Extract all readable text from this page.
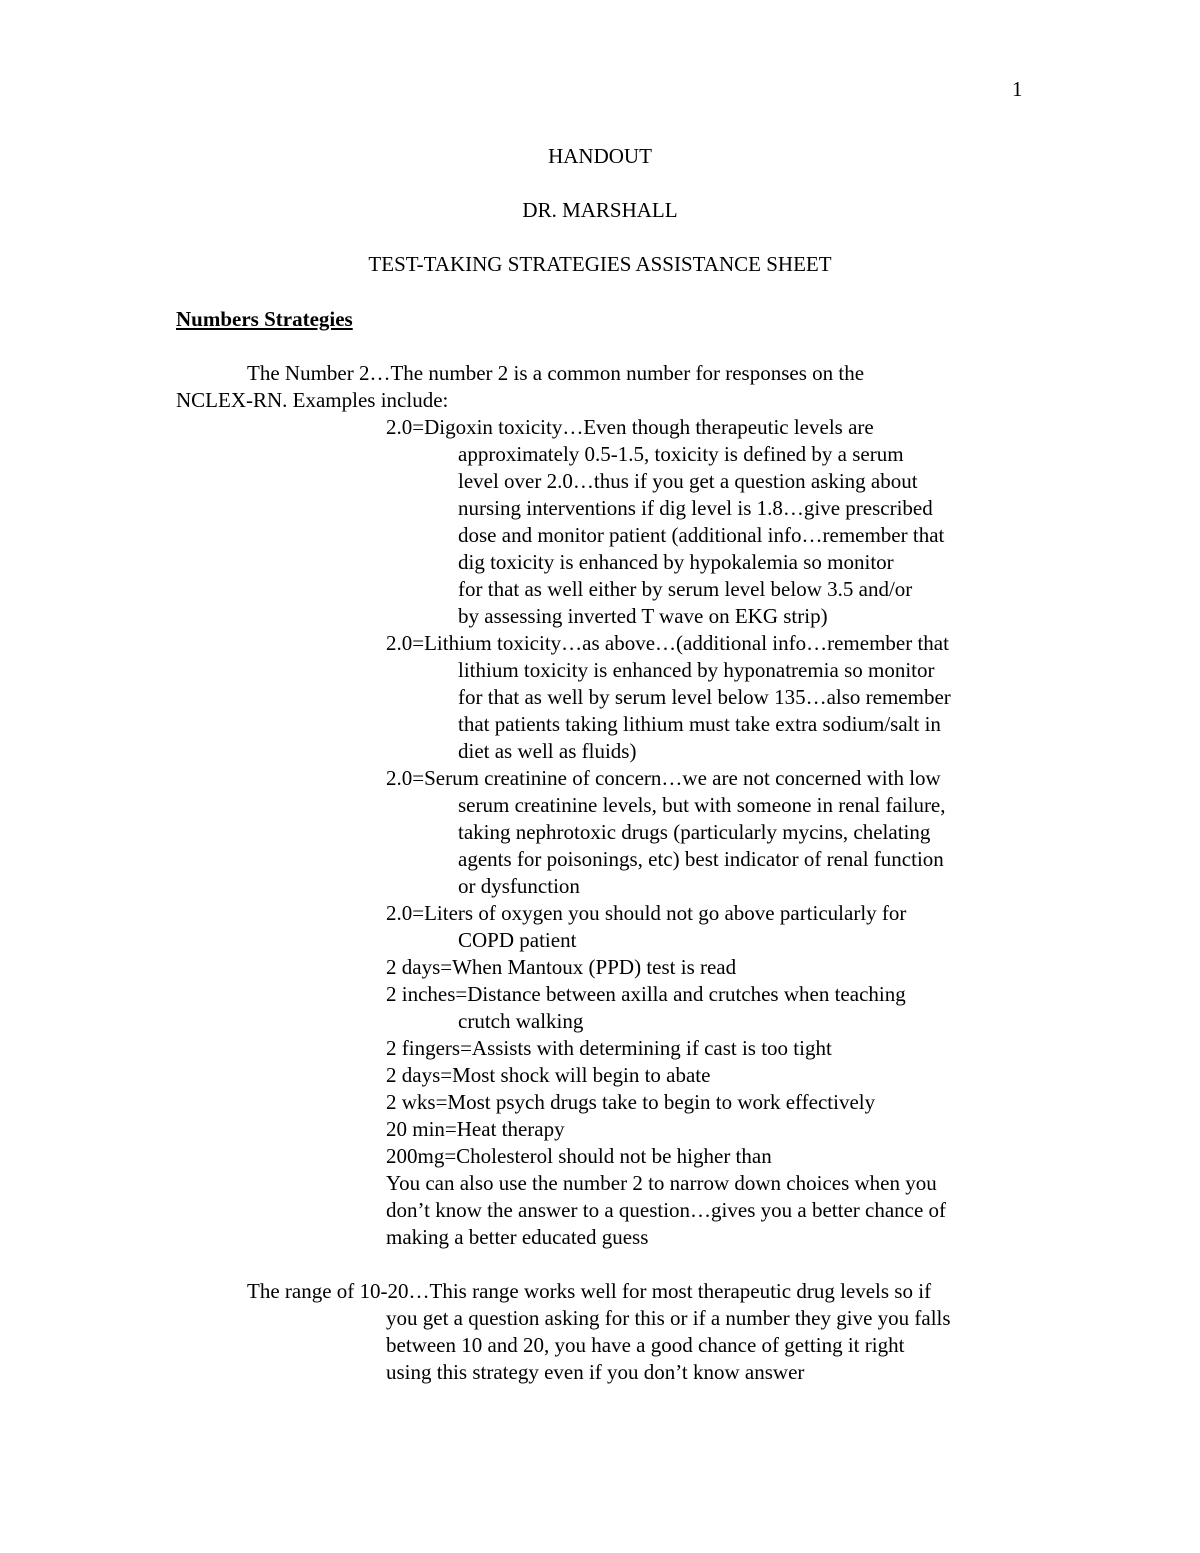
1
HANDOUT
DR. MARSHALL
TEST-TAKING STRATEGIES ASSISTANCE SHEET
Numbers Strategies
The Number 2…The number 2 is a common number for responses on the
NCLEX-RN. Examples include:
2.0=Digoxin toxicity…Even though therapeutic levels are
approximately 0.5-1.5, toxicity is defined by a serum
level over 2.0…thus if you get a question asking about
nursing interventions if dig level is 1.8…give prescribed
dose and monitor patient (additional info…remember that
dig toxicity is enhanced by hypokalemia so monitor
for that as well either by serum level below 3.5 and/or
by assessing inverted T wave on EKG strip)
2.0=Lithium toxicity…as above…(additional info…remember that
lithium toxicity is enhanced by hyponatremia so monitor
for that as well by serum level below 135…also remember
that patients taking lithium must take extra sodium/salt in
diet as well as fluids)
2.0=Serum creatinine of concern…we are not concerned with low
serum creatinine levels, but with someone in renal failure,
taking nephrotoxic drugs (particularly mycins, chelating
agents for poisonings, etc) best indicator of renal function
or dysfunction
2.0=Liters of oxygen you should not go above particularly for
COPD patient
2 days=When Mantoux (PPD) test is read
2 inches=Distance between axilla and crutches when teaching
crutch walking
2 fingers=Assists with determining if cast is too tight
2 days=Most shock will begin to abate
2 wks=Most psych drugs take to begin to work effectively
20 min=Heat therapy
200mg=Cholesterol should not be higher than
You can also use the number 2 to narrow down choices when you
don’t know the answer to a question…gives you a better chance of
making a better educated guess
The range of 10-20…This range works well for most therapeutic drug levels so if
you get a question asking for this or if a number they give you falls
between 10 and 20, you have a good chance of getting it right
using this strategy even if you don’t know answer
